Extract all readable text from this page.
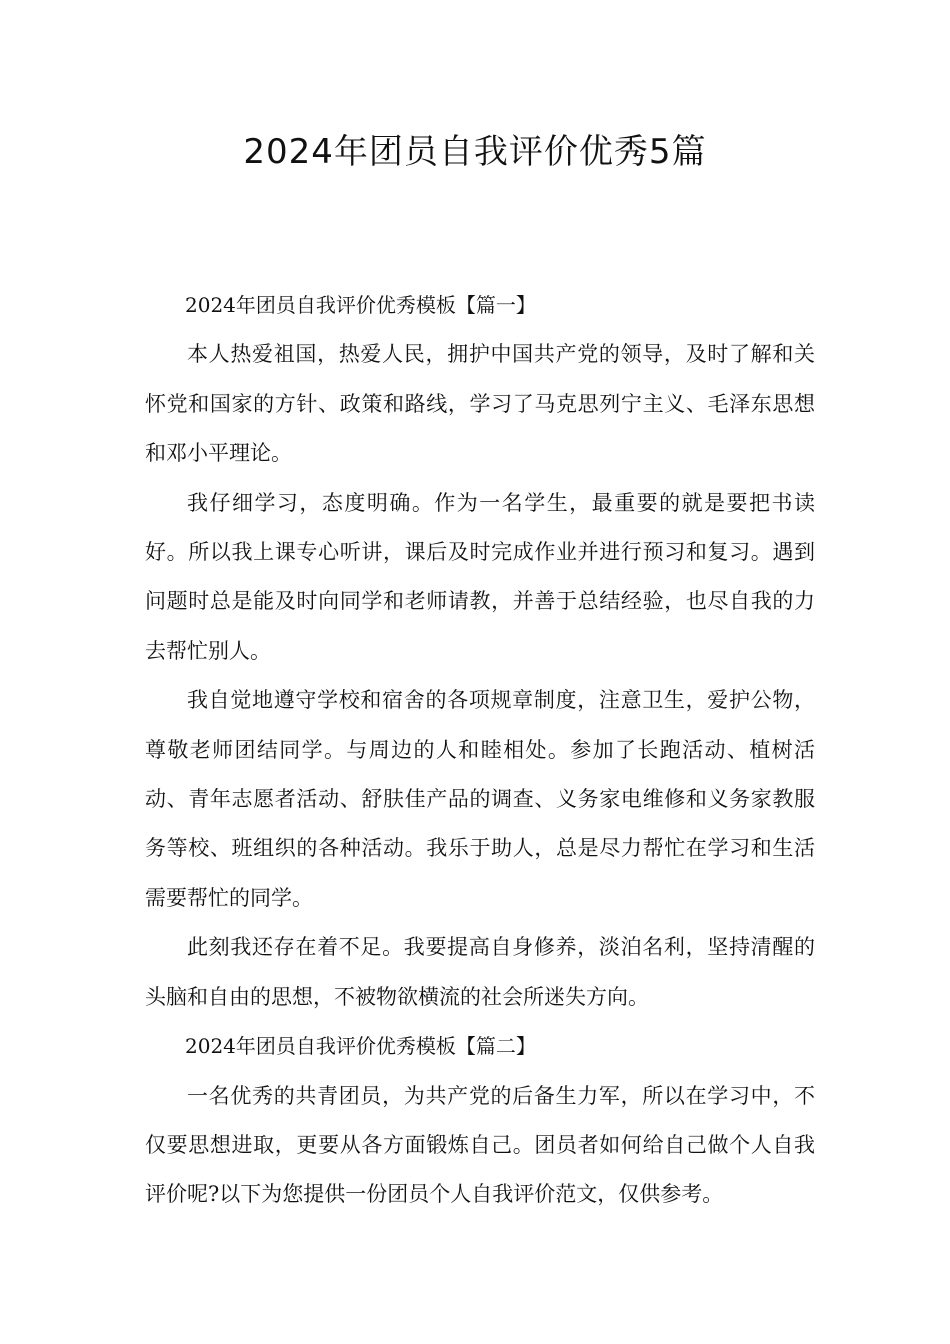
2024年团员自我评价优秀5篇

2024年团员自我评价优秀模板【篇一】

本人热爱祖国，热爱人民，拥护中国共产党的领导，及时了解和关怀党和国家的方针、政策和路线，学习了马克思列宁主义、毛泽东思想和邓小平理论。

我仔细学习，态度明确。作为一名学生，最重要的就是要把书读好。所以我上课专心听讲，课后及时完成作业并进行预习和复习。遇到问题时总是能及时向同学和老师请教，并善于总结经验，也尽自我的力去帮忙别人。

我自觉地遵守学校和宿舍的各项规章制度，注意卫生，爱护公物，尊敬老师团结同学。与周边的人和睦相处。参加了长跑活动、植树活动、青年志愿者活动、舒肤佳产品的调查、义务家电维修和义务家教服务等校、班组织的各种活动。我乐于助人，总是尽力帮忙在学习和生活需要帮忙的同学。

此刻我还存在着不足。我要提高自身修养，淡泊名利，坚持清醒的头脑和自由的思想，不被物欲横流的社会所迷失方向。

2024年团员自我评价优秀模板【篇二】

一名优秀的共青团员，为共产党的后备生力军，所以在学习中，不仅要思想进取，更要从各方面锻炼自己。团员者如何给自己做个人自我评价呢?以下为您提供一份团员个人自我评价范文，仅供参考。
